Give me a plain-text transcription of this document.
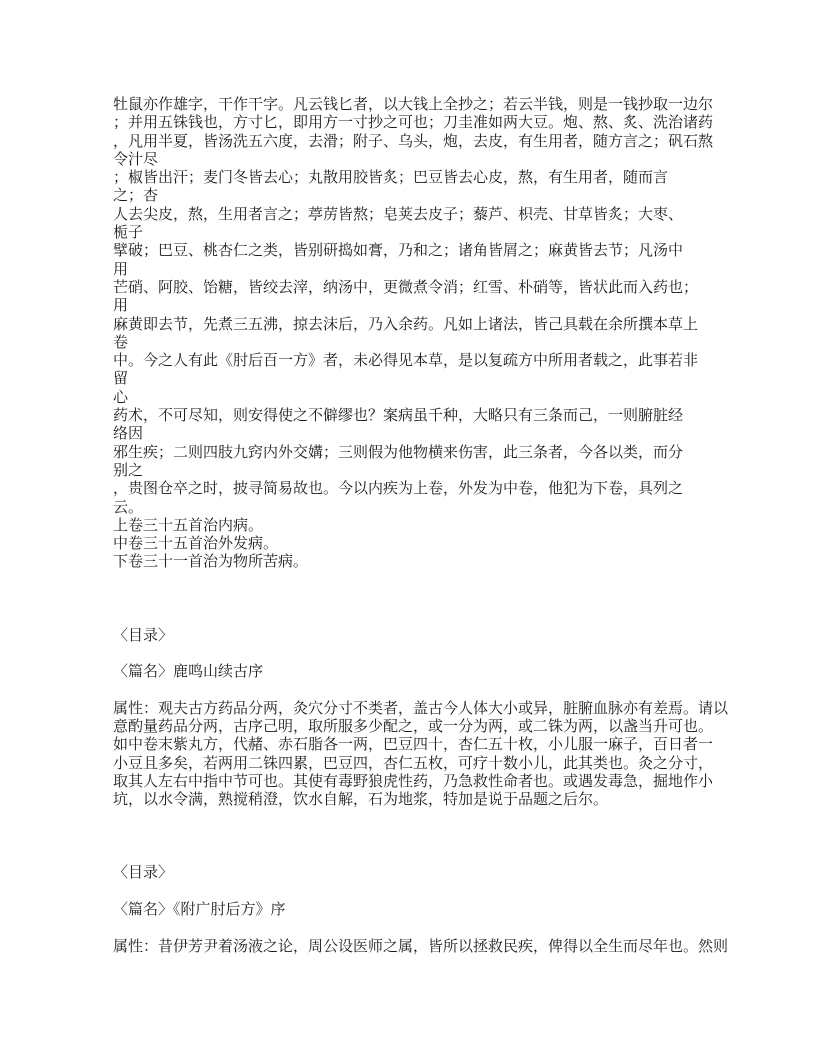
牡鼠亦作雄字，干作干字。凡云钱匕者，以大钱上全抄之；若云半钱，则是一钱抄取一边尔
；并用五铢钱也，方寸匕，即用方一寸抄之可也；刀圭准如两大豆。炮、熬、炙、洗治诸药
，凡用半夏，皆汤洗五六度，去滑；附子、乌头，炮，去皮，有生用者，随方言之；矾石熬
令汁尽
；椒皆出汗；麦门冬皆去心；丸散用胶皆炙；巴豆皆去心皮，熬，有生用者，随而言
之；杏
人去尖皮，熬，生用者言之；葶苈皆熬；皂荚去皮子；藜芦、枳壳、甘草皆炙；大枣、
栀子
擘破；巴豆、桃杏仁之类，皆别研捣如膏，乃和之；诸角皆屑之；麻黄皆去节；凡汤中
用
芒硝、阿胶、饴糖，皆绞去滓，纳汤中，更微煮令消；红雪、朴硝等，皆状此而入药也；
用
麻黄即去节，先煮三五沸，掠去沫后，乃入余药。凡如上诸法，皆己具载在余所撰本草上
卷
中。今之人有此《肘后百一方》者，未必得见本草，是以复疏方中所用者载之，此事若非
留
心
药术，不可尽知，则安得使之不僻缪也？案病虽千种，大略只有三条而己，一则腑脏经
络因
邪生疾；二则四肢九窍内外交媾；三则假为他物横来伤害，此三条者，今各以类，而分
别之
，贵图仓卒之时，披寻简易故也。今以内疾为上卷，外发为中卷，他犯为下卷，具列之
云。
上卷三十五首治内病。
中卷三十五首治外发病。
下卷三十一首治为物所苦病。
〈目录〉
〈篇名〉鹿鸣山续古序
属性：观夫古方药品分两，灸穴分寸不类者，盖古今人体大小或异，脏腑血脉亦有差焉。请以
意酌量药品分两，古序己明，取所服多少配之，或一分为两，或二铢为两，以盏当升可也。
如中卷末紫丸方，代赭、赤石脂各一两，巴豆四十，杏仁五十枚，小儿服一麻子，百日者一
小豆且多矣，若两用二铢四累，巴豆四，杏仁五枚，可疗十数小儿，此其类也。灸之分寸，
取其人左右中指中节可也。其使有毒野狼虎性药，乃急救性命者也。或遇发毒急，掘地作小
坑，以水令满，熟搅稍澄，饮水自解，石为地浆，特加是说于品题之后尔。
〈目录〉
〈篇名〉《附广肘后方》序
属性：昔伊芳尹着汤液之论，周公设医师之属，皆所以拯救民疾，俾得以全生而尽年也。然则
